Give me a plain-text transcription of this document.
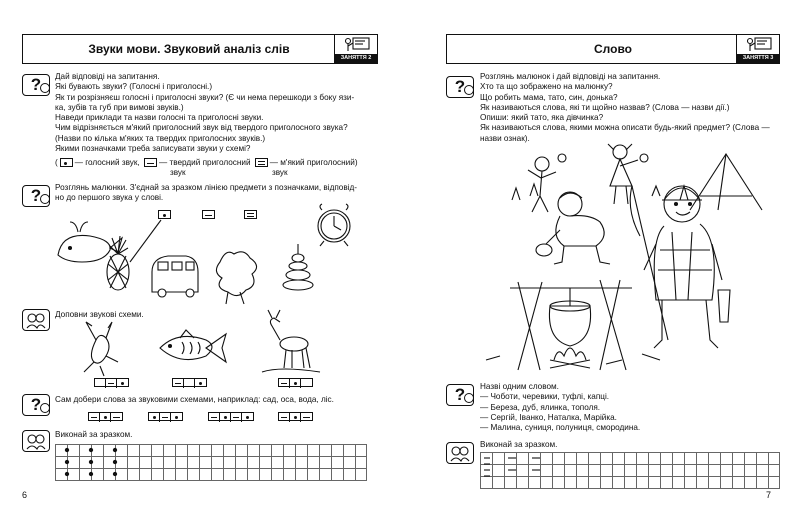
Звуки мови. Звуковий аналіз слів
ЗАНЯТТЯ 2
? Дай відповіді на запитання.
Які бувають звуки? (Голосні і приголосні.)
Як ти розрізняєш голосні і приголосні звуки? (Є чи нема перешкоди з боку язи-
ка, зубів та губ при вимові звуків.)
Наведи приклади та назви голосні та приголосні звуки.
Чим відрізняється м'який приголосний звук від твердого приголосного звука?
(Назви по кілька м'яких та твердих приголосних звуків.)
Якими позначками треба записувати звуки у схемі?
( — голосний звук, — твердий приголосний — м'який приголосний)
звук	звук
? Розглянь малюнки. З'єднай за зразком лінією предмети з позначками, відповід-
но до першого звука у слові.
Доповни звукові схеми.
? Сам добери слова за звуковими схемами, наприклад: сад, оса, вода, ліс.
Виконай за зразком.
6
Слово
ЗАНЯТТЯ 3
?
Розглянь малюнок і дай відповіді на запитання.
Хто та що зображено на малюнку?
Що робить мама, тато, син, донька?
Як називаються слова, які ти щойно назвав? (Слова — назви дії.)
Опиши: який тато, яка дівчинка?
Як називаються слова, якими можна описати будь-який предмет? (Слова —
назви ознак).
? Назві одним словом.
— Чоботи, черевики, туфлі, капці.
— Береза, дуб, ялинка, тополя.
— Сергій, Іванко, Наталка, Марійка.
— Малина, суниця, полуниця, смородина.
Виконай за зразком.
7
